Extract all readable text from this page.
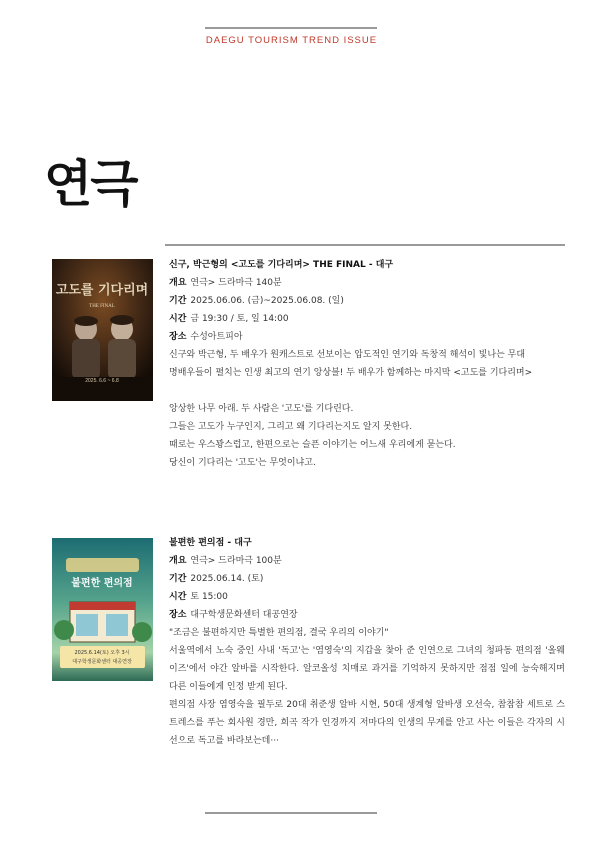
DAEGU TOURISM TREND ISSUE
연극
고도를 기다리며
THE FINAL
2025. 6.6 ~ 6.8

신구, 박근형의 <고도를 기다리며> THE FINAL - 대구

개요 연극> 드라마극 140분

기간 2025.06.06. (금)~2025.06.08. (일)

시간 금 19:30 / 토, 일 14:00

장소 수성아트피아

신구와 박근형, 두 배우가 원캐스트로 선보이는 압도적인 연기와 독창적 해석이 빛나는 무대

명배우들이 펼치는 인생 최고의 연기 앙상블! 두 배우가 함께하는 마지막 <고도를 기다리며>

앙상한 나무 아래. 두 사람은 '고도'를 기다린다.

그들은 고도가 누구인지, 그리고 왜 기다리는지도 알지 못한다.

때로는 우스꽝스럽고, 한편으로는 슬픈 이야기는 어느새 우리에게 묻는다.

당신이 기다리는 '고도'는 무엇이냐고.

불편한 편의점
2025.6.14(토) 오후 3시
대구학생문화센터 대공연장

불편한 편의점 - 대구

개요 연극> 드라마극 100분

기간 2025.06.14. (토)

시간 토 15:00

장소 대구학생문화센터 대공연장

"조금은 불편하지만 특별한 편의점, 결국 우리의 이야기"

서울역에서 노숙 중인 사내 '독고'는 '염영숙'의 지갑을 찾아 준 인연으로 그녀의 청파동 편의점 '올웨이즈'에서 야간 알바를 시작한다. 알코올성 치매로 과거를 기억하지 못하지만 점점 일에 능숙해지며 다른 이들에게 인정 받게 된다.

편의점 사장 염영숙을 필두로 20대 취준생 알바 시현, 50대 생계형 알바생 오선숙, 참참참 세트로 스트레스를 푸는 회사원 경만, 희곡 작가 인경까지 저마다의 인생의 무게를 안고 사는 이들은 각자의 시선으로 독고를 바라보는데···
